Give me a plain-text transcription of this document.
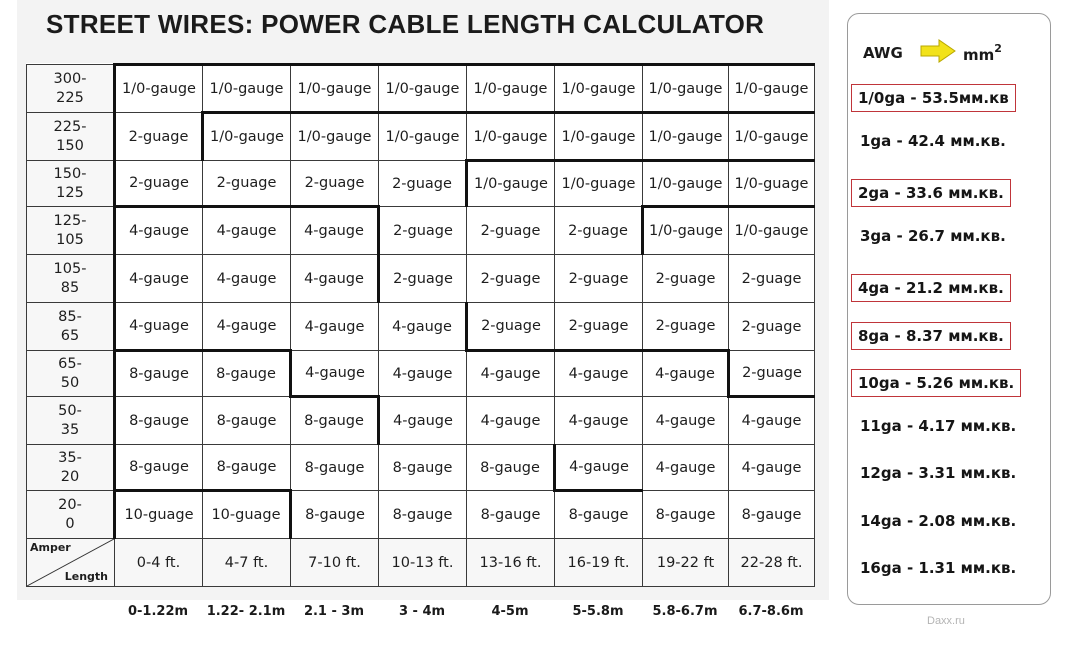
STREET WIRES: POWER CABLE LENGTH CALCULATOR
300-
225	1/0-gauge	1/0-gauge	1/0-gauge	1/0-gauge	1/0-gauge	1/0-gauge	1/0-gauge	1/0-gauge

225-
150	2-guage	1/0-gauge	1/0-gauge	1/0-gauge	1/0-gauge	1/0-gauge	1/0-gauge	1/0-gauge

150-
125	2-guage	2-guage	2-guage	2-guage	1/0-gauge	1/0-guage	1/0-gauge	1/0-guage

125-
105	4-gauge	4-gauge	4-gauge	2-guage	2-guage	2-guage	1/0-gauge	1/0-gauge

105-
85	4-gauge	4-gauge	4-gauge	2-guage	2-guage	2-guage	2-guage	2-guage

85-
65	4-guage	4-gauge	4-gauge	4-gauge	2-guage	2-guage	2-guage	2-guage

65-
50	8-gauge	8-gauge	4-gauge	4-gauge	4-gauge	4-gauge	4-gauge	2-guage

50-
35	8-gauge	8-gauge	8-gauge	4-gauge	4-gauge	4-gauge	4-gauge	4-gauge

35-
20	8-gauge	8-gauge	8-gauge	8-gauge	8-gauge	4-gauge	4-gauge	4-gauge

20-
0	10-guage	10-guage	8-gauge	8-gauge	8-gauge	8-gauge	8-gauge	8-gauge

Amper
Length	0-4 ft.	4-7 ft.	7-10 ft.	10-13 ft.	13-16 ft.	16-19 ft.	19-22 ft	22-28 ft.
0-1.22m	1.22- 2.1m	2.1 - 3m	3 - 4m	4-5m	5-5.8m	5.8-6.7m	6.7-8.6m
AWG	$mm^2$
1/0ga - 53.5мм.кв
1ga - 42.4 мм.кв.
2ga - 33.6 мм.кв.
3ga - 26.7 мм.кв.
4ga - 21.2 мм.кв.
8ga - 8.37 мм.кв.
10ga - 5.26 мм.кв.
11ga - 4.17 мм.кв.
12ga - 3.31 мм.кв.
14ga - 2.08 мм.кв.
16ga - 1.31 мм.кв.
Daxx.ru
